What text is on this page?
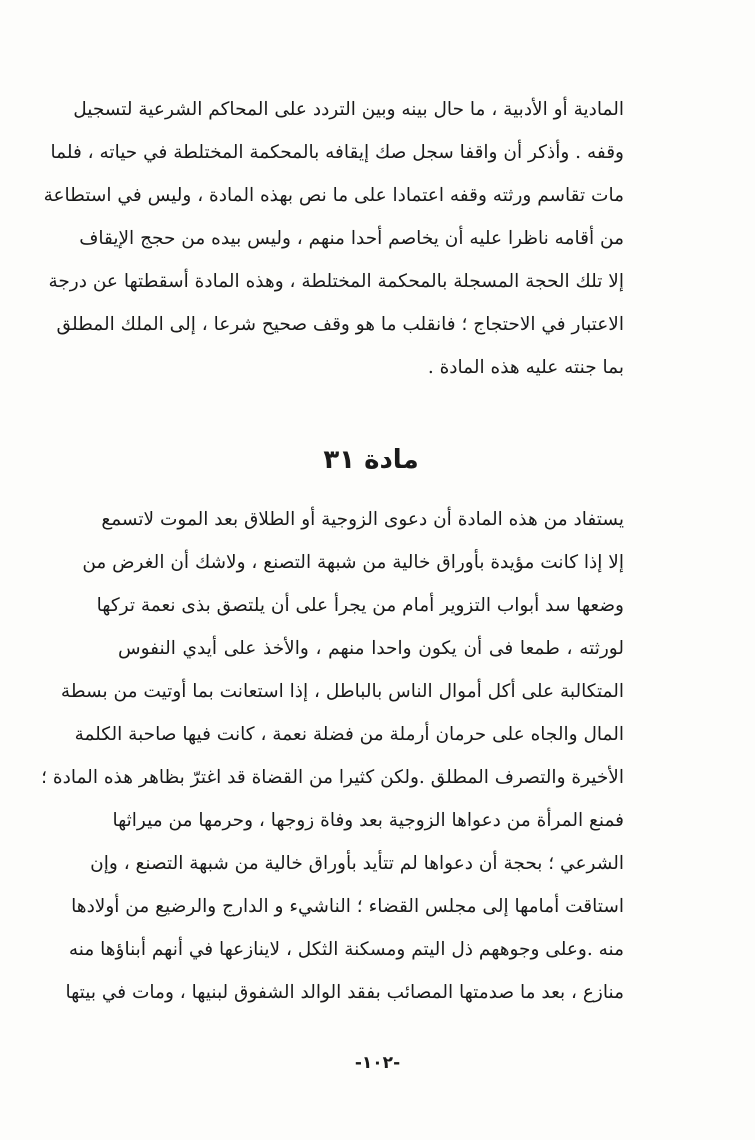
المادية أو الأدبية ، ما حال بينه وبين التردد على المحاكم الشرعية لتسجيل
وقفه . وأذكر أن واقفا سجل صك إيقافه بالمحكمة المختلطة في حياته ، فلما
مات تقاسم ورثته وقفه اعتمادا على ما نص بهذه المادة ، وليس في استطاعة
من أقامه ناظرا عليه أن يخاصم أحدا منهم ، وليس بيده من حجج الإيقاف
إلا تلك الحجة المسجلة بالمحكمة المختلطة ، وهذه المادة أسقطتها عن درجة
الاعتبار في الاحتجاج ؛ فانقلب ما هو وقف صحيح شرعا ، إلى الملك المطلق
بما جنته عليه هذه المادة .
مادة ٣١
يستفاد من هذه المادة أن دعوى الزوجية أو الطلاق بعد الموت لاتسمع
إلا إذا كانت مؤيدة بأوراق خالية من شبهة التصنع ، ولاشك أن الغرض من
وضعها سد أبواب التزوير أمام من يجرأ على أن يلتصق بذى نعمة تركها
لورثته ، طمعا فى أن يكون واحدا منهم ، والأخذ على أيدي النفوس
المتكالبة على أكل أموال الناس بالباطل ، إذا استعانت بما أوتيت من بسطة
المال والجاه على حرمان أرملة من فضلة نعمة ، كانت فيها صاحبة الكلمة
الأخيرة والتصرف المطلق .ولكن كثيرا من القضاة قد اغترّ بظاهر هذه المادة ؛
فمنع المرأة من دعواها الزوجية بعد وفاة زوجها ، وحرمها من ميراثها
الشرعي ؛ بحجة أن دعواها لم تتأيد بأوراق خالية من شبهة التصنع ، وإن
استاقت أمامها إلى مجلس القضاء ؛ الناشيء و الدارج والرضيع من أولادها
منه .وعلى وجوههم ذل اليتم ومسكنة الثكل ، لاينازعها في أنهم أبناؤها منه
منازع ، بعد ما صدمتها المصائب بفقد الوالد الشفوق لبنيها ، ومات في بيتها
-١٠٢-
